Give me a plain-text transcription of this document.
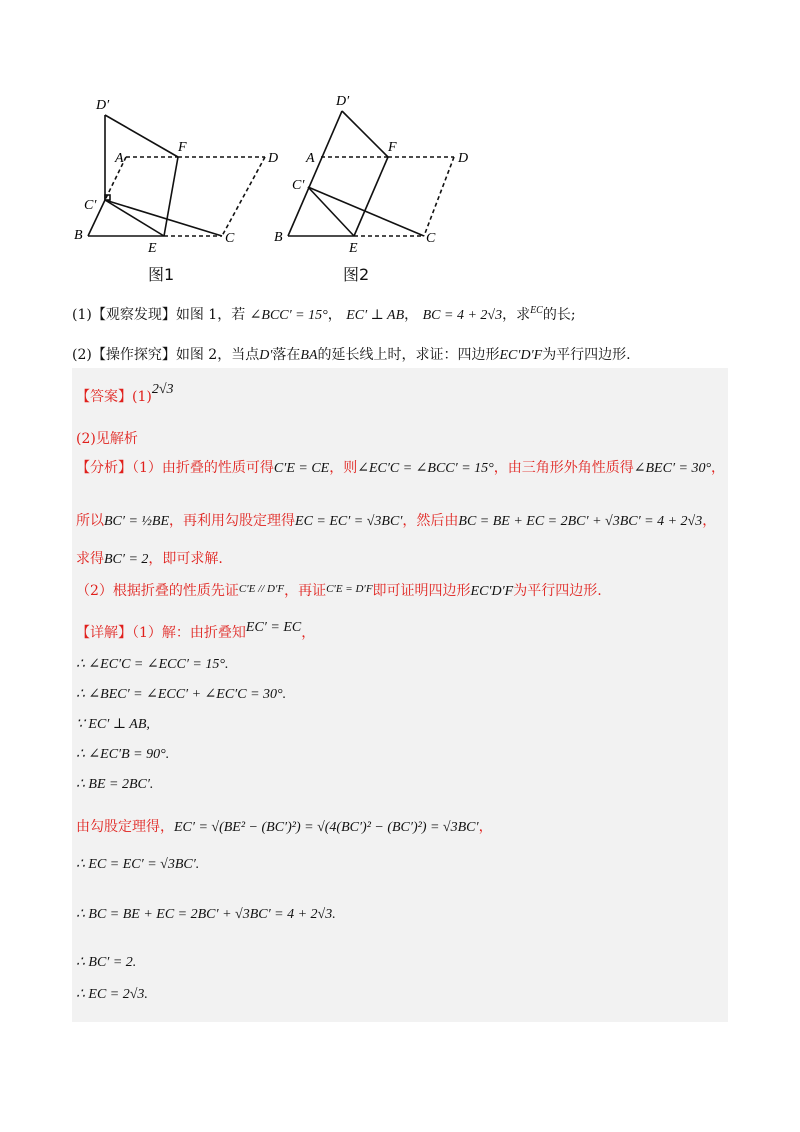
D′
A
F
D
C′
B
E
C
D′
A
F
D
C′
B
E
C
图1	图2
(1)【观察发现】如图 1，若 ∠BCC′ = 15°， EC′ ⊥ AB， BC = 4 + 2√3，求$^{EC}$的长;
(2)【操作探究】如图 2，当点D′落在BA的延长线上时，求证：四边形EC′D′F为平行四边形.
【答案】(1)2√3
(2)见解析
【分析】（1）由折叠的性质可得C′E = CE，则∠EC′C = ∠BCC′ = 15°，由三角形外角性质得∠BEC′ = 30°，
所以BC′ = ½BE，再利用勾股定理得EC = EC′ = √3BC′，然后由BC = BE + EC = 2BC′ + √3BC′ = 4 + 2√3，
求得BC′ = 2，即可求解.
（2）根据折叠的性质先证$^{C'E // D'F}$，再证$^{C'E = D'F}$即可证明四边形EC′D′F为平行四边形.
【详解】（1）解：由折叠知EC′ = EC，
∴ ∠EC′C = ∠ECC′ = 15°.
∴ ∠BEC′ = ∠ECC′ + ∠EC′C = 30°.
∵ EC′ ⊥ AB,
∴ ∠EC′B = 90°.
∴ BE = 2BC′.
由勾股定理得，EC′ = √(BE² − (BC′)²) = √(4(BC′)² − (BC′)²) = √3BC′，
∴ EC = EC′ = √3BC′.
∴ BC = BE + EC = 2BC′ + √3BC′ = 4 + 2√3.
∴ BC′ = 2.
∴ EC = 2√3.
